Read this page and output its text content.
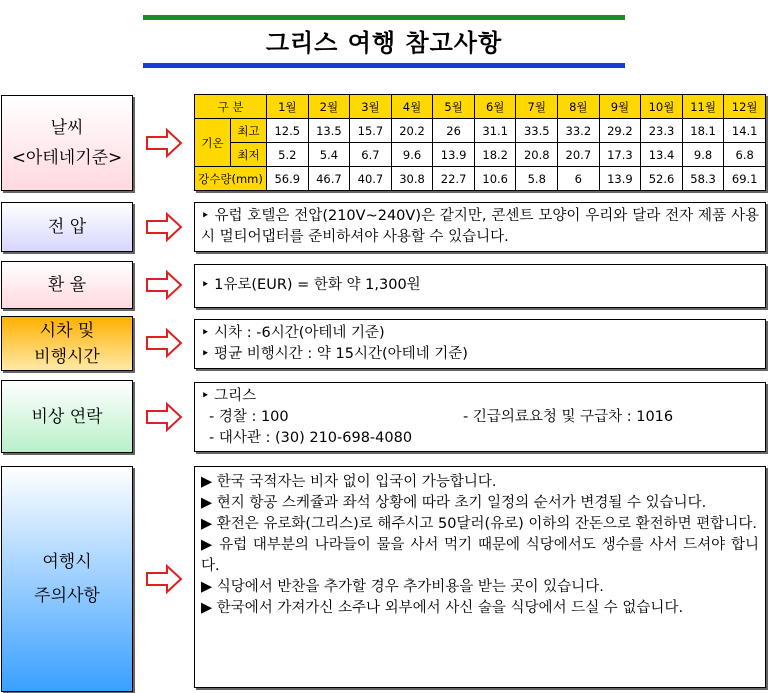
그리스 여행 참고사항
날씨
<아테네기준>
구 분		1월	2월	3월	4월	5월	6월	7월	8월	9월	10월	11월	12월
기온	최고	12.5	13.5	15.7	20.2	26	31.1	33.5	33.2	29.2	23.3	18.1	14.1
	최저	5.2	5.4	6.7	9.6	13.9	18.2	20.8	20.7	17.3	13.4	9.8	6.8
강수량(mm)		56.9	46.7	40.7	30.8	22.7	10.6	5.8	6	13.9	52.6	58.3	69.1
전 압
‣ 유럽 호텔은 전압(210V~240V)은 같지만, 콘센트 모양이 우리와 달라 전자 제품 사용시 멀티어댑터를 준비하셔야 사용할 수 있습니다.
환 율	‣ 1유로(EUR) = 한화 약 1,300원
시차 및
비행시간
‣ 시차 : -6시간(아테네 기준)
‣ 평균 비행시간 : 약 15시간(아테네 기준)
비상 연락
‣ 그리스
- 경찰 : 100	- 긴급의료요청 및 구급차 : 1016
- 대사관 : (30) 210-698-4080
여행시
주의사항
▶ 한국 국적자는 비자 없이 입국이 가능합니다.
▶ 현지 항공 스케쥴과 좌석 상황에 따라 초기 일정의 순서가 변경될 수 있습니다.
▶ 환전은 유로화(그리스)로 해주시고 50달러(유로) 이하의 잔돈으로 환전하면 편합니다.
▶ 유럽 대부분의 나라들이 물을 사서 먹기 때문에 식당에서도 생수를 사서 드셔야 합니다.
▶ 식당에서 반찬을 추가할 경우 추가비용을 받는 곳이 있습니다.
▶ 한국에서 가져가신 소주나 외부에서 사신 술을 식당에서 드실 수 없습니다.
